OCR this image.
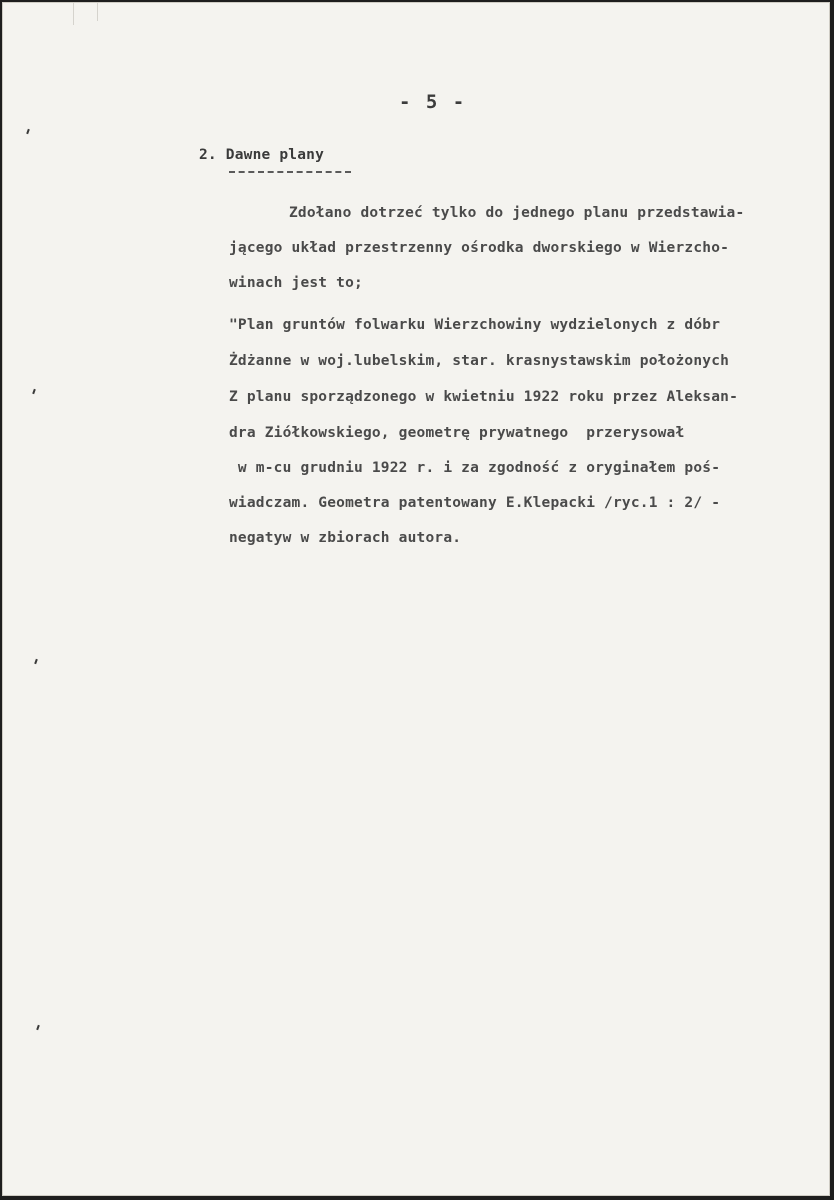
- 5 -
2. Dawne plany
Zdołano dotrzeć tylko do jednego planu przedstawia-
jącego układ przestrzenny ośrodka dworskiego w Wierzcho-
winach jest to;
"Plan gruntów folwarku Wierzchowiny wydzielonych z dóbr
Żdżanne w woj.lubelskim, star. krasnystawskim położonych
Z planu sporządzonego w kwietniu 1922 roku przez Aleksan-
dra Ziółkowskiego, geometrę prywatnego  przerysował
w m-cu grudniu 1922 r. i za zgodność z oryginałem poś-
wiadczam. Geometra patentowany E.Klepacki /ryc.1 : 2/ -
negatyw w zbiorach autora.
